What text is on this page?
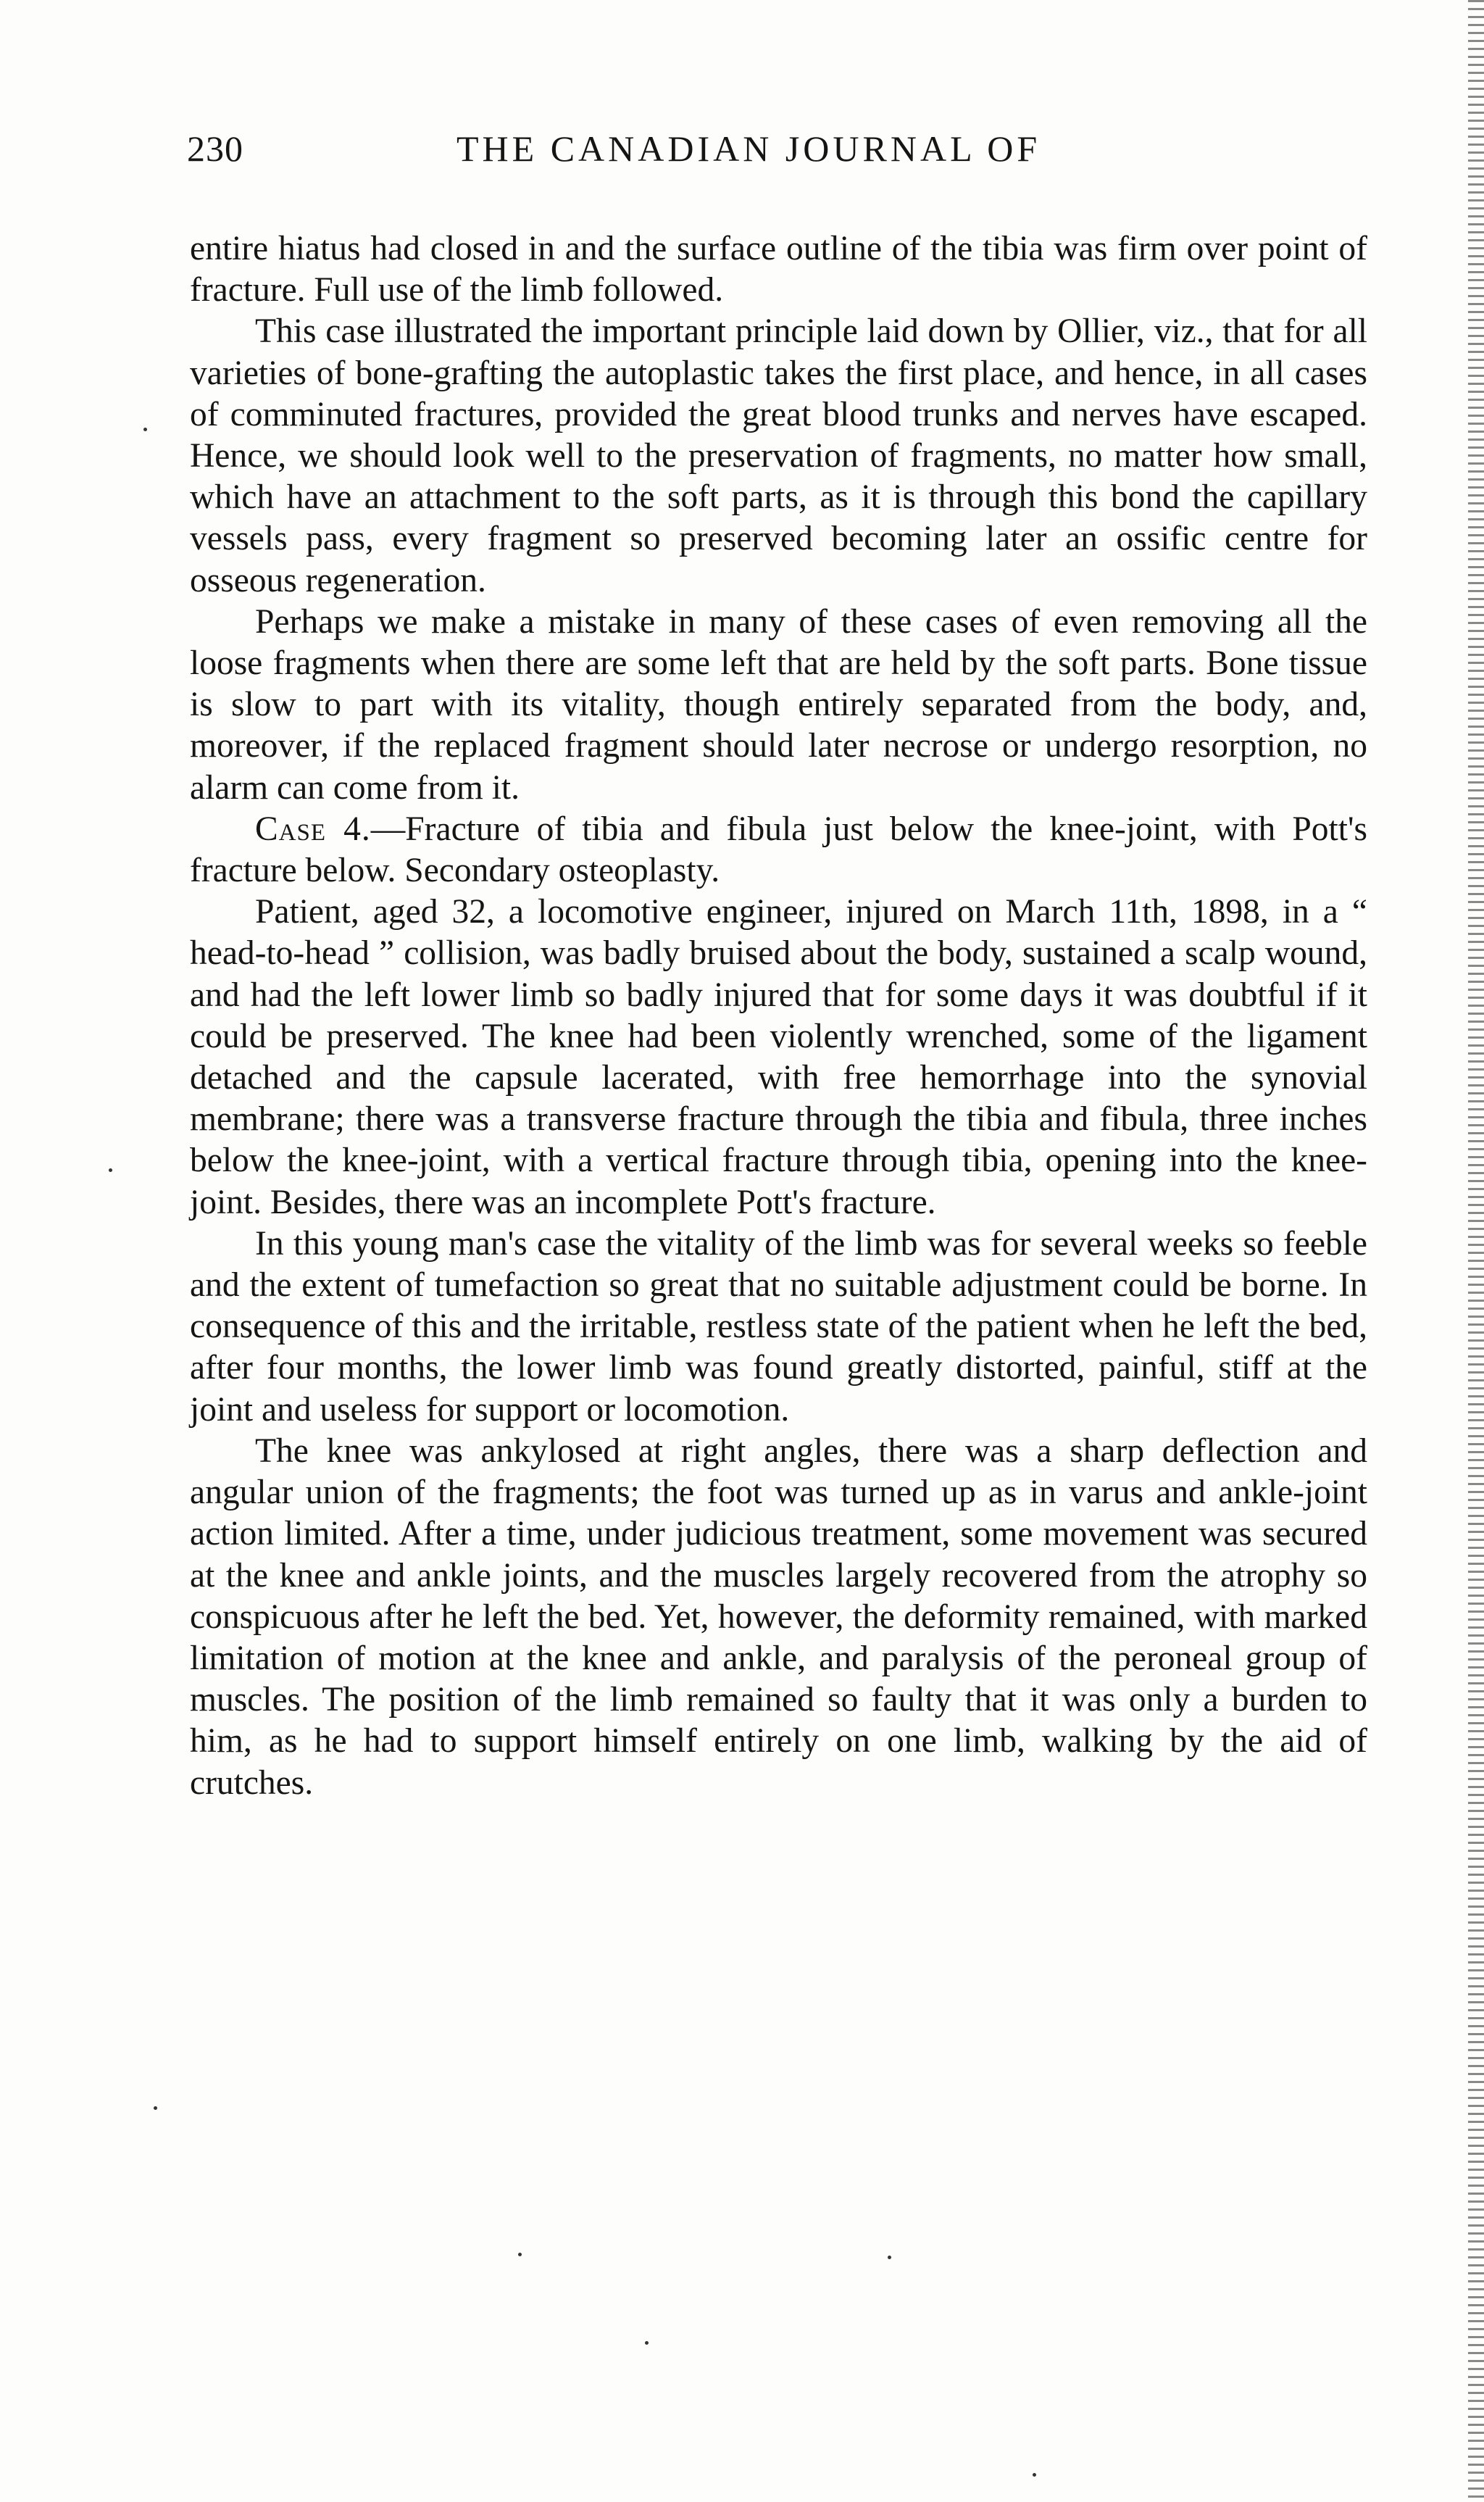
230	THE CANADIAN JOURNAL OF

entire hiatus had closed in and the surface outline of the tibia was firm over point of fracture. Full use of the limb followed.

This case illustrated the important principle laid down by Ollier, viz., that for all varieties of bone-grafting the autoplastic takes the first place, and hence, in all cases of comminuted fractures, provided the great blood trunks and nerves have escaped. Hence, we should look well to the preservation of fragments, no matter how small, which have an attachment to the soft parts, as it is through this bond the capillary vessels pass, every fragment so preserved becoming later an ossific centre for osseous regeneration.

Perhaps we make a mistake in many of these cases of even removing all the loose fragments when there are some left that are held by the soft parts. Bone tissue is slow to part with its vitality, though entirely separated from the body, and, moreover, if the replaced fragment should later necrose or undergo resorption, no alarm can come from it.

Case 4.—Fracture of tibia and fibula just below the knee-joint, with Pott's fracture below. Secondary osteoplasty.

Patient, aged 32, a locomotive engineer, injured on March 11th, 1898, in a “ head-to-head ” collision, was badly bruised about the body, sustained a scalp wound, and had the left lower limb so badly injured that for some days it was doubtful if it could be preserved. The knee had been violently wrenched, some of the ligament detached and the capsule lacerated, with free hemorrhage into the synovial membrane; there was a transverse fracture through the tibia and fibula, three inches below the knee-joint, with a vertical fracture through tibia, opening into the knee-joint. Besides, there was an incomplete Pott's fracture.

In this young man's case the vitality of the limb was for several weeks so feeble and the extent of tumefaction so great that no suitable adjustment could be borne. In consequence of this and the irritable, restless state of the patient when he left the bed, after four months, the lower limb was found greatly distorted, painful, stiff at the joint and useless for support or locomotion.

The knee was ankylosed at right angles, there was a sharp deflection and angular union of the fragments; the foot was turned up as in varus and ankle-joint action limited. After a time, under judicious treatment, some movement was secured at the knee and ankle joints, and the muscles largely recovered from the atrophy so conspicuous after he left the bed. Yet, however, the deformity remained, with marked limitation of motion at the knee and ankle, and paralysis of the peroneal group of muscles. The position of the limb remained so faulty that it was only a burden to him, as he had to support himself entirely on one limb, walking by the aid of crutches.
